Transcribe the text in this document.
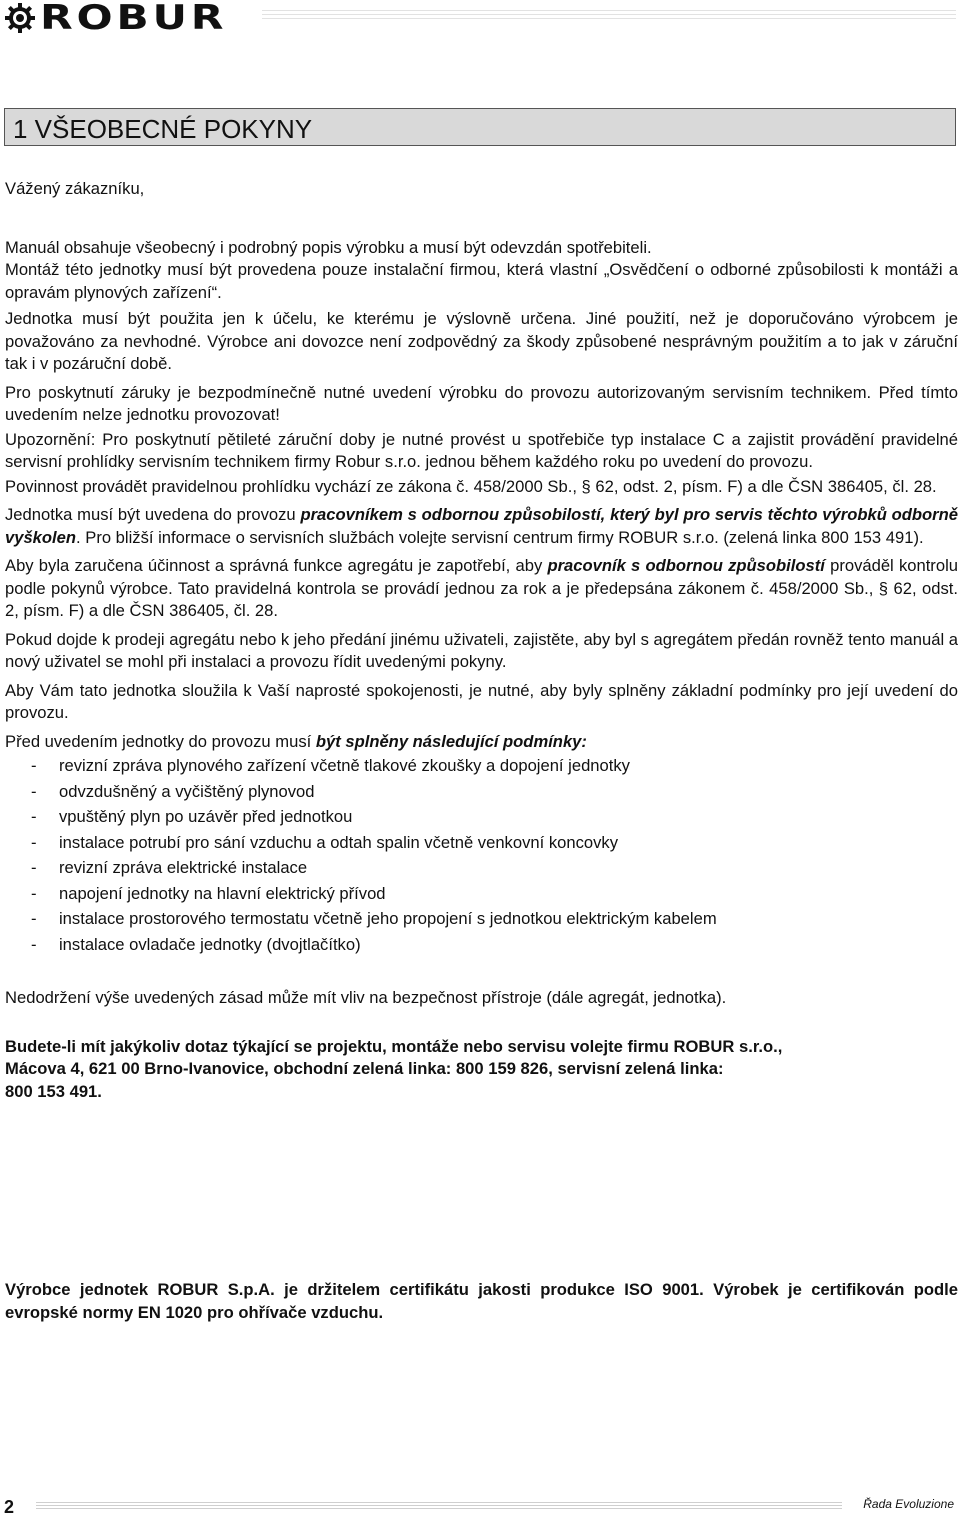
ROBUR
1 VŠEOBECNÉ POKYNY

Vážený zákazníku,

Manuál obsahuje všeobecný i podrobný popis výrobku a musí být odevzdán spotřebiteli.

Montáž této jednotky musí být provedena pouze instalační firmou, která vlastní „Osvědčení o odborné způsobilosti k montáži a opravám plynových zařízení“.

Jednotka musí být použita jen k účelu, ke kterému je výslovně určena. Jiné použití, než je doporučováno výrobcem je považováno za nevhodné. Výrobce ani dovozce není zodpovědný za škody způsobené nesprávným použitím a to jak v záruční tak i v pozáruční době.

Pro poskytnutí záruky je bezpodmínečně nutné uvedení výrobku do provozu autorizovaným servisním technikem. Před tímto uvedením nelze jednotku provozovat!

Upozornění: Pro poskytnutí pětileté záruční doby je nutné provést u spotřebiče typ instalace C a zajistit provádění pravidelné servisní prohlídky servisním technikem firmy Robur s.r.o. jednou během každého roku po uvedení do provozu.

Povinnost provádět pravidelnou prohlídku vychází ze zákona č. 458/2000 Sb., § 62, odst. 2, písm. F) a dle ČSN 386405, čl. 28.

Jednotka musí být uvedena do provozu pracovníkem s odbornou způsobilostí, který byl pro servis těchto výrobků odborně vyškolen. Pro bližší informace o servisních službách volejte servisní centrum firmy ROBUR s.r.o. (zelená linka 800 153 491).

Aby byla zaručena účinnost a správná funkce agregátu je zapotřebí, aby pracovník s odbornou způsobilostí prováděl kontrolu podle pokynů výrobce. Tato pravidelná kontrola se provádí jednou za rok a je předepsána zákonem č. 458/2000 Sb., § 62, odst. 2, písm. F) a dle ČSN 386405, čl. 28.

Pokud dojde k prodeji agregátu nebo k jeho předání jinému uživateli, zajistěte, aby byl s agregátem předán rovněž tento manuál a nový uživatel se mohl při instalaci a provozu řídit uvedenými pokyny.

Aby Vám tato jednotka sloužila k Vaší naprosté spokojenosti, je nutné, aby byly splněny základní podmínky pro její uvedení do provozu.

Před uvedením jednotky do provozu musí být splněny následující podmínky:

-	revizní zpráva plynového zařízení včetně tlakové zkoušky a dopojení jednotky
-	odvzdušněný a vyčištěný plynovod
-	vpuštěný plyn po uzávěr před jednotkou
-	instalace potrubí pro sání vzduchu a odtah spalin včetně venkovní koncovky
-	revizní zpráva elektrické instalace
-	napojení jednotky na hlavní elektrický přívod
-	instalace prostorového termostatu včetně jeho propojení s jednotkou elektrickým kabelem
-	instalace ovladače jednotky (dvojtlačítko)

Nedodržení výše uvedených zásad může mít vliv na bezpečnost přístroje (dále agregát, jednotka).

Budete-li mít jakýkoliv dotaz týkající se projektu, montáže nebo servisu volejte firmu ROBUR s.r.o.,
Mácova 4, 621 00 Brno-Ivanovice, obchodní zelená linka: 800 159 826, servisní zelená linka:
800 153 491.

Výrobce jednotek ROBUR S.p.A. je držitelem certifikátu jakosti produkce ISO 9001. Výrobek je certifikován podle evropské normy EN 1020 pro ohřívače vzduchu.

2	Řada Evoluzione
